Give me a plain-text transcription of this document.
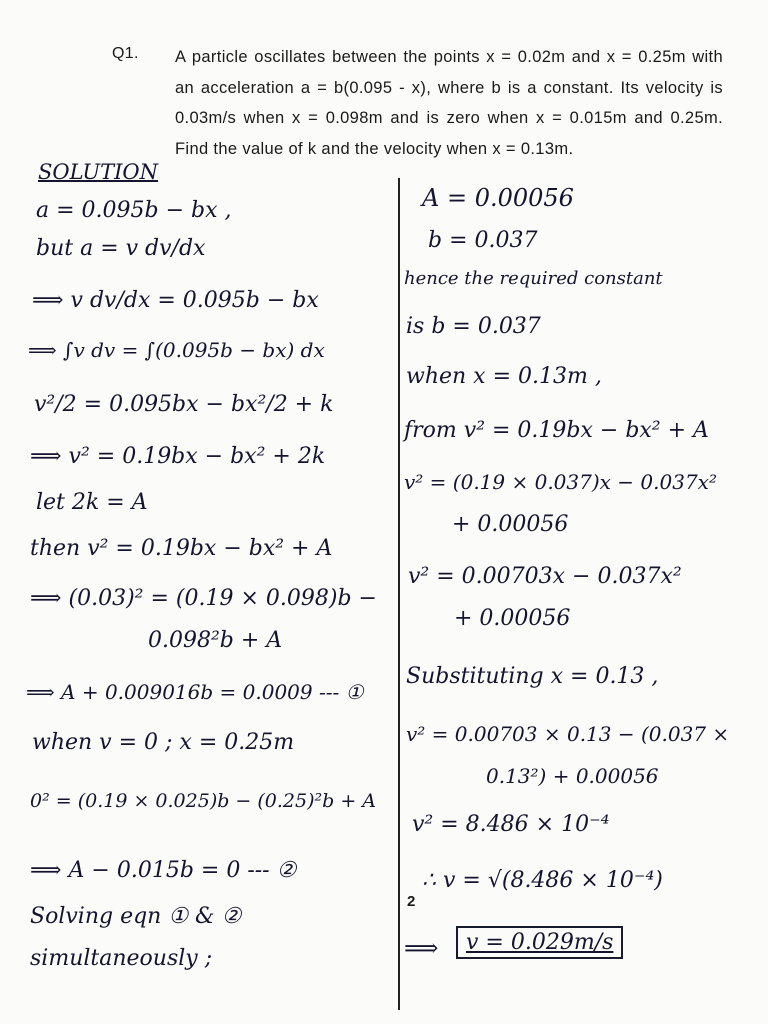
Q1. A particle oscillates between the points x = 0.02m and x = 0.25m with an acceleration a = b(0.095 - x), where b is a constant. Its velocity is 0.03m/s when x = 0.098m and is zero when x = 0.015m and 0.25m. Find the value of k and the velocity when x = 0.13m.
SOLUTION
a = 0.095b − bx ,
but a = v dv/dx
⟹ v dv/dx = 0.095b − bx
⟹ ∫v dv = ∫(0.095b − bx) dx
v²/2 = 0.095bx − bx²/2 + k
⟹ v² = 0.19bx − bx² + 2k
let 2k = A
then v² = 0.19bx − bx² + A
⟹ (0.03)² = (0.19 × 0.098)b −
0.098²b + A
⟹ A + 0.009016b = 0.0009 --- ①
when v = 0 ; x = 0.25m
0² = (0.19 × 0.025)b − (0.25)²b + A
⟹ A − 0.015b = 0 --- ②
Solving eqn ① & ②
simultaneously ;
A = 0.00056
b = 0.037
hence the required constant
is b = 0.037
when x = 0.13m ,
from v² = 0.19bx − bx² + A
v² = (0.19 × 0.037)x − 0.037x²
+ 0.00056
v² = 0.00703x − 0.037x²
+ 0.00056
Substituting x = 0.13 ,
v² = 0.00703 × 0.13 − (0.037 ×
0.13²) + 0.00056
v² = 8.486 × 10⁻⁴
∴ v = √(8.486 × 10⁻⁴)
⟹	v = 0.029m/s
2
